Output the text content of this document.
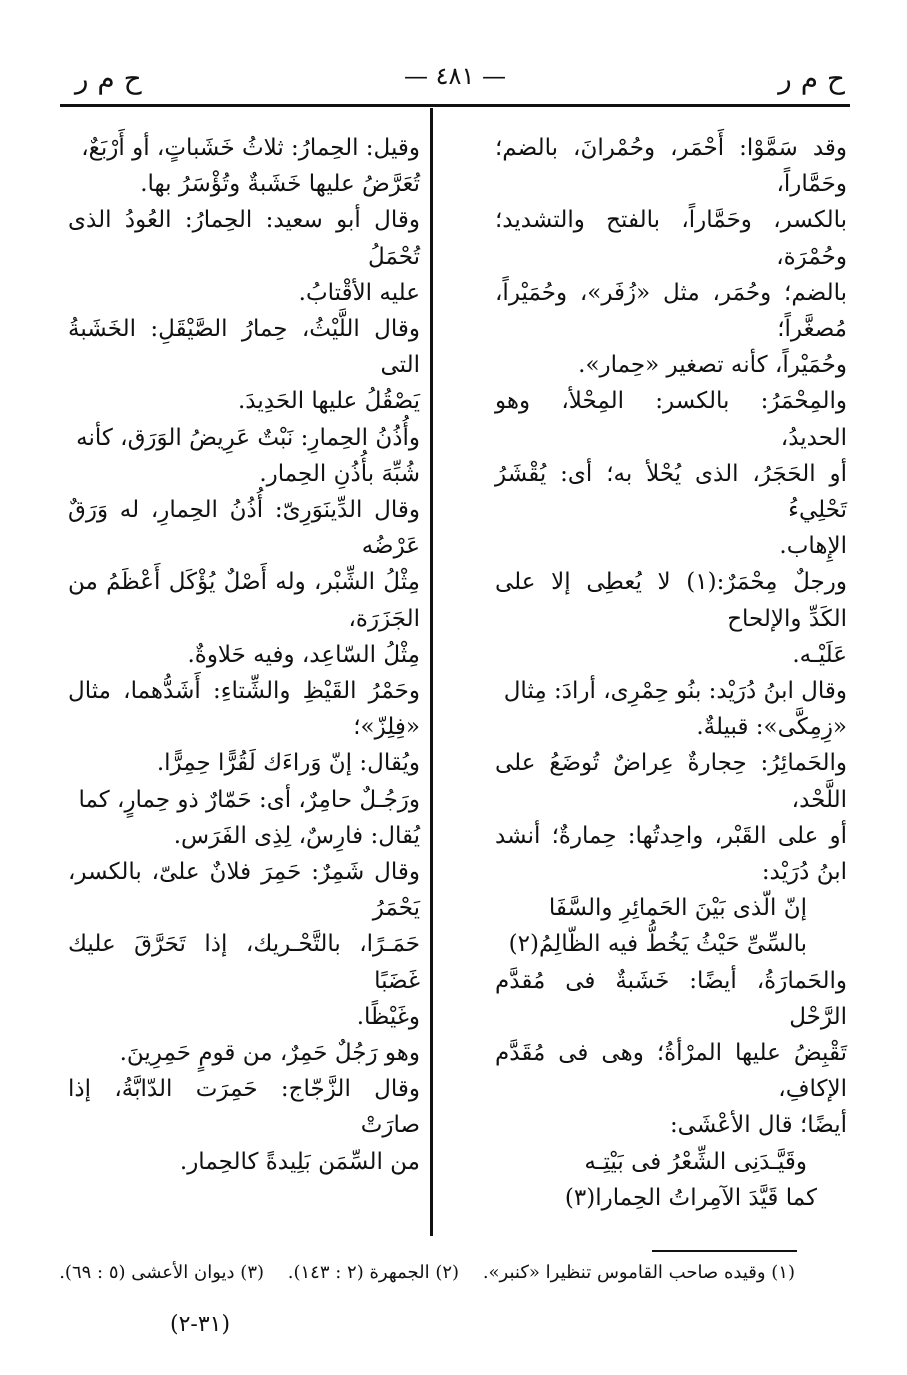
ح م ر
— ٤٨١ —
ح م ر

وقد سَمَّوْا: أَحْمَر، وحُمْرانَ، بالضم؛ وحَمَّاراً،

بالكسر، وحَمَّاراً، بالفتح والتشديد؛ وحُمْرَة،

بالضم؛ وحُمَر، مثل «زُفَر»، وحُمَيْراً، مُصغَّراً؛

وحُمَيْراً، كأنه تصغير «حِمار».

والمِحْمَرُ: بالكسر: المِحْلأ، وهو الحديدُ،

أو الحَجَرُ، الذى يُحْلأ به؛ أى: يُقْشَرُ تَحْلِيءُ

الإِهاب.

ورجلٌ مِحْمَرٌ:(١) لا يُعطِى إلا على الكَدِّ والإلحاح

عَلَيْـه.

وقال ابنُ دُرَيْد: بنُو حِمْرِى، أرادَ: مِثال

«زِمِكَّى»: قبيلةٌ.

والحَمائِرُ: حِجارةٌ عِراضٌ تُوضَعُ على اللَّحْد،

أو على القَبْر، واحِدتُها: حِمارةٌ؛ أنشد ابنُ دُرَيْد:

إنّ الّذى بَيْنَ الحَمائِرِ والسَّفَا

بالسِّىِّ حَيْثُ يَخُطُّ فيه الظّالِمُ(٢)

والحَمارَةُ، أيضًا: خَشَبةٌ فى مُقدَّم الرَّحْل

تَقْبِضُ عليها المرْأةُ؛ وهى فى مُقَدَّم الإكافِ،

أيضًا؛ قال الأعْشَى:

وقَيَّـدَنِى الشِّعْرُ فى بَيْتِـه

كما قَيَّدَ الآمِراتُ الحِمارا(٣)

وقيل: الحِمارُ: ثلاثُ خَشَباتٍ، أو أَرْبَعٌ،

تُعَرَّضُ عليها خَشَبةٌ وتُؤْسَرُ بها.

وقال أبو سعيد: الحِمارُ: العُودُ الذى تُحْمَلُ

عليه الأقْتابُ.

وقال اللَّيْثُ، حِمارُ الصَّيْقَلِ: الخَشَبةُ التى

يَصْقُلُ عليها الحَدِيدَ.

وأُذُنُ الحِمارِ: نَبْتٌ عَرِيضُ الوَرَق، كأنه

شُبِّهَ بأُذُنِ الحِمار.

وقال الدِّينَوَرِىّ: أُذُنُ الحِمارِ، له وَرَقٌ عَرْضُه

مِثْلُ الشِّبْر، وله أَصْلٌ يُؤْكَل أَعْظَمُ من الجَزَرَة،

مِثْلُ السّاعِد، وفيه حَلاوةٌ.

وحَمْرُ القَيْظِ والشِّتاءِ: أَشَدُّهما، مثال «فِلِزّ»؛

ويُقال: إنّ وَراءَك لَقُرًّا حِمِرًّا.

ورَجُـلٌ حامِرٌ، أى: حَمّارٌ ذو حِمارٍ، كما

يُقال: فارِسٌ، لِذِى الفَرَس.

وقال شَمِرٌ: حَمِرَ فلانٌ علىّ، بالكسر، يَحْمَرُ

حَمَـرًا، بالتَّحْـريك، إذا تَحَرَّقَ عليك غَضَبًا

وغَيْظًا.

وهو رَجُلٌ حَمِرٌ، من قومٍ حَمِرِينَ.

وقال الزَّجّاج: حَمِرَت الدّابَّةُ، إذا صارَتْ

من السِّمَن بَلِيدةً كالحِمار.

(١) وقيده صاحب القاموس تنظيرا «كنبر». (٢) الجمهرة (٢ : ١٤٣). (٣) ديوان الأعشى (٥ : ٦٩).
(٣١-٢)
